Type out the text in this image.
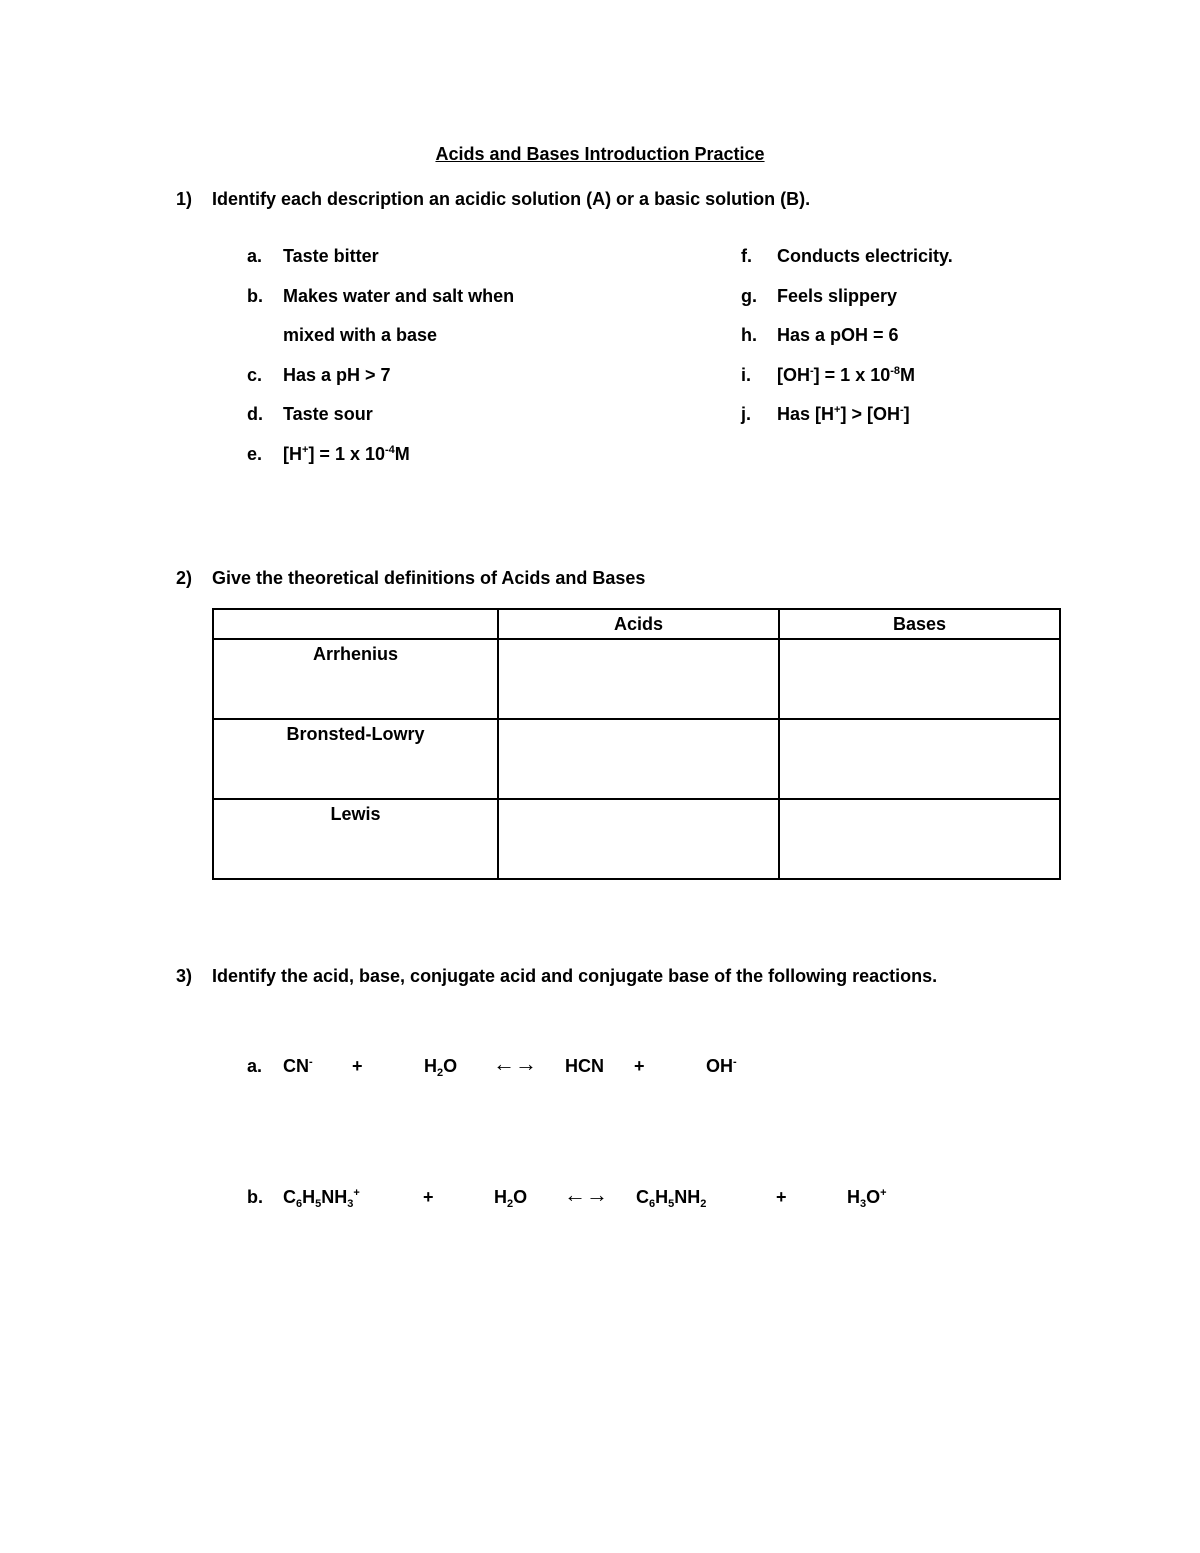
Acids and Bases Introduction Practice
1) Identify each description an acidic solution (A) or a basic solution (B).
a. Taste bitter
b. Makes water and salt when
mixed with a base
c. Has a pH > 7
d. Taste sour
e. [H+] = 1 x $10^{-4}M$
f. Conducts electricity.
g. Feels slippery
h. Has a pOH = 6
i. [OH-] = 1 x $10^{-8}M$
j. Has [H+] > [OH-]
2) Give the theoretical definitions of Acids and Bases
	Acids	Bases
Arrhenius		
Bronsted-Lowry		
Lewis		
3) Identify the acid, base, conjugate acid and conjugate base of the following reactions.
a. CN- +	$H_2O$ ←→ HCN +	OH-
b. $C_6H_5NH_3^+$	+	$H_2O$ ←→ $C_6H_5NH_2$	+	$H_3O^+$
